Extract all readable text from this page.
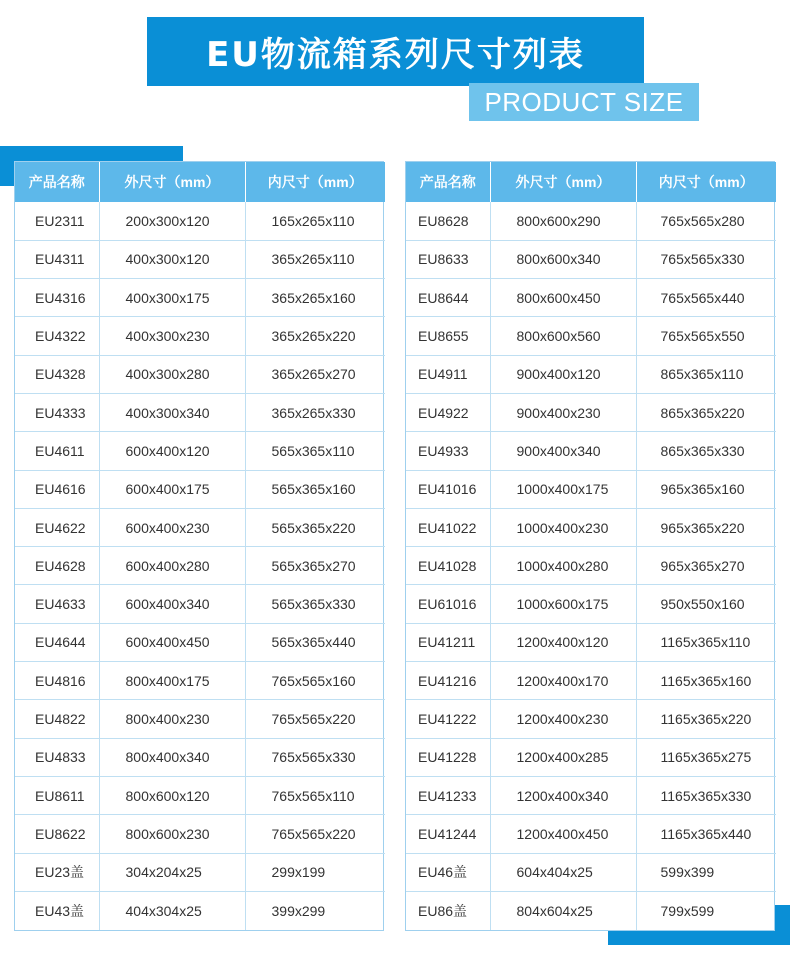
EU物流箱系列尺寸列表
PRODUCT SIZE
产品名称	外尺寸（mm）	内尺寸（mm）
EU2311	200x300x120	165x265x110
EU4311	400x300x120	365x265x110
EU4316	400x300x175	365x265x160
EU4322	400x300x230	365x265x220
EU4328	400x300x280	365x265x270
EU4333	400x300x340	365x265x330
EU4611	600x400x120	565x365x110
EU4616	600x400x175	565x365x160
EU4622	600x400x230	565x365x220
EU4628	600x400x280	565x365x270
EU4633	600x400x340	565x365x330
EU4644	600x400x450	565x365x440
EU4816	800x400x175	765x565x160
EU4822	800x400x230	765x565x220
EU4833	800x400x340	765x565x330
EU8611	800x600x120	765x565x110
EU8622	800x600x230	765x565x220
EU23盖	304x204x25	299x199
EU43盖	404x304x25	399x299
产品名称	外尺寸（mm）	内尺寸（mm）
EU8628	800x600x290	765x565x280
EU8633	800x600x340	765x565x330
EU8644	800x600x450	765x565x440
EU8655	800x600x560	765x565x550
EU4911	900x400x120	865x365x110
EU4922	900x400x230	865x365x220
EU4933	900x400x340	865x365x330
EU41016	1000x400x175	965x365x160
EU41022	1000x400x230	965x365x220
EU41028	1000x400x280	965x365x270
EU61016	1000x600x175	950x550x160
EU41211	1200x400x120	1165x365x110
EU41216	1200x400x170	1165x365x160
EU41222	1200x400x230	1165x365x220
EU41228	1200x400x285	1165x365x275
EU41233	1200x400x340	1165x365x330
EU41244	1200x400x450	1165x365x440
EU46盖	604x404x25	599x399
EU86盖	804x604x25	799x599
